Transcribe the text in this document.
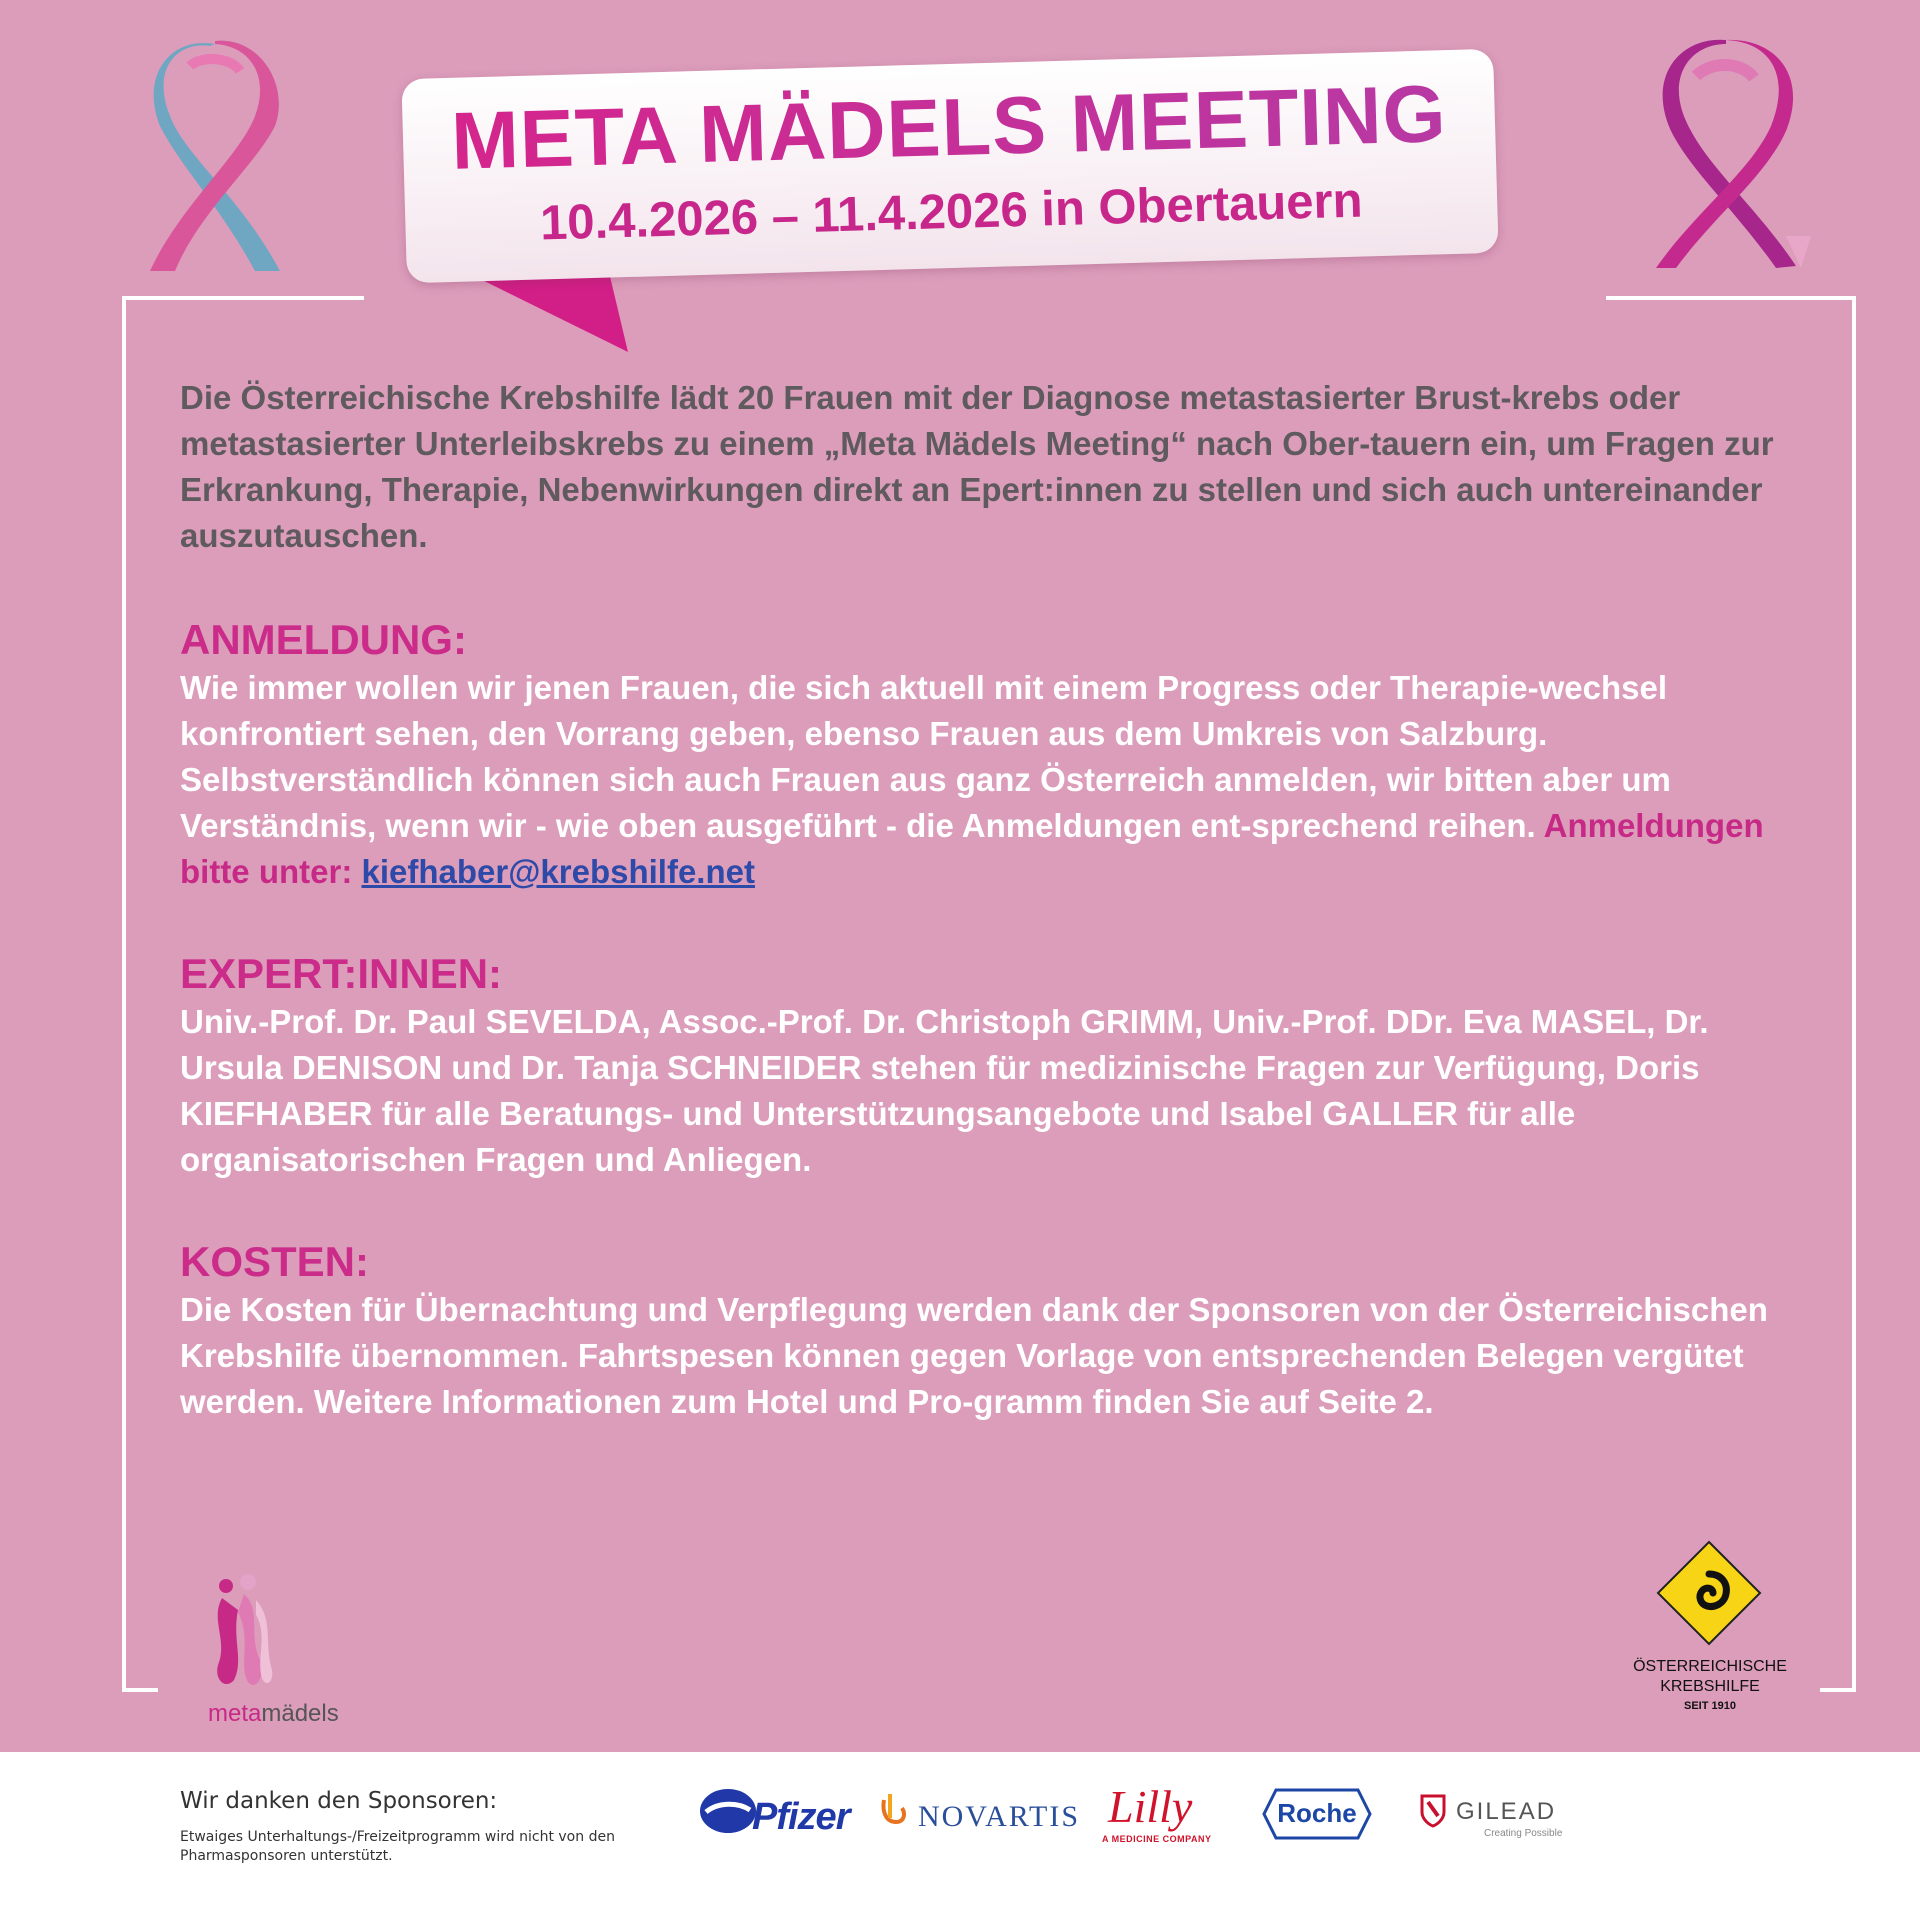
META MÄDELS MEETING
10.4.2026 – 11.4.2026 in Obertauern

Die Österreichische Krebshilfe lädt 20 Frauen mit der Diagnose metastasierter Brust-krebs oder metastasierter Unterleibskrebs zu einem „Meta Mädels Meeting“ nach Ober-tauern ein, um Fragen zur Erkrankung, Therapie, Nebenwirkungen direkt an Epert:innen zu stellen und sich auch untereinander auszutauschen.

ANMELDUNG:

Wie immer wollen wir jenen Frauen, die sich aktuell mit einem Progress oder Therapie-wechsel konfrontiert sehen, den Vorrang geben, ebenso Frauen aus dem Umkreis von Salzburg. Selbstverständlich können sich auch Frauen aus ganz Österreich anmelden, wir bitten aber um Verständnis, wenn wir - wie oben ausgeführt - die Anmeldungen ent-sprechend reihen. Anmeldungen bitte unter: kiefhaber@krebshilfe.net

EXPERT:INNEN:

Univ.-Prof. Dr. Paul SEVELDA, Assoc.-Prof. Dr. Christoph GRIMM, Univ.-Prof. DDr. Eva MASEL, Dr. Ursula DENISON und Dr. Tanja SCHNEIDER stehen für medizinische Fragen zur Verfügung, Doris KIEFHABER für alle Beratungs- und Unterstützungsangebote und Isabel GALLER für alle organisatorischen Fragen und Anliegen.

KOSTEN:

Die Kosten für Übernachtung und Verpflegung werden dank der Sponsoren von der Österreichischen Krebshilfe übernommen. Fahrtspesen können gegen Vorlage von entsprechenden Belegen vergütet werden. Weitere Informationen zum Hotel und Pro-gramm finden Sie auf Seite 2.

metamädels
ÖSTERREICHISCHE KREBSHILFE
SEIT 1910
Wir danken den Sponsoren:
Etwaiges Unterhaltungs-/Freizeitprogramm wird nicht von den Pharmasponsoren unterstützt.
Pfizer NOVARTIS Lilly
A MEDICINE COMPANY
Roche	GILEAD
Creating Possible
